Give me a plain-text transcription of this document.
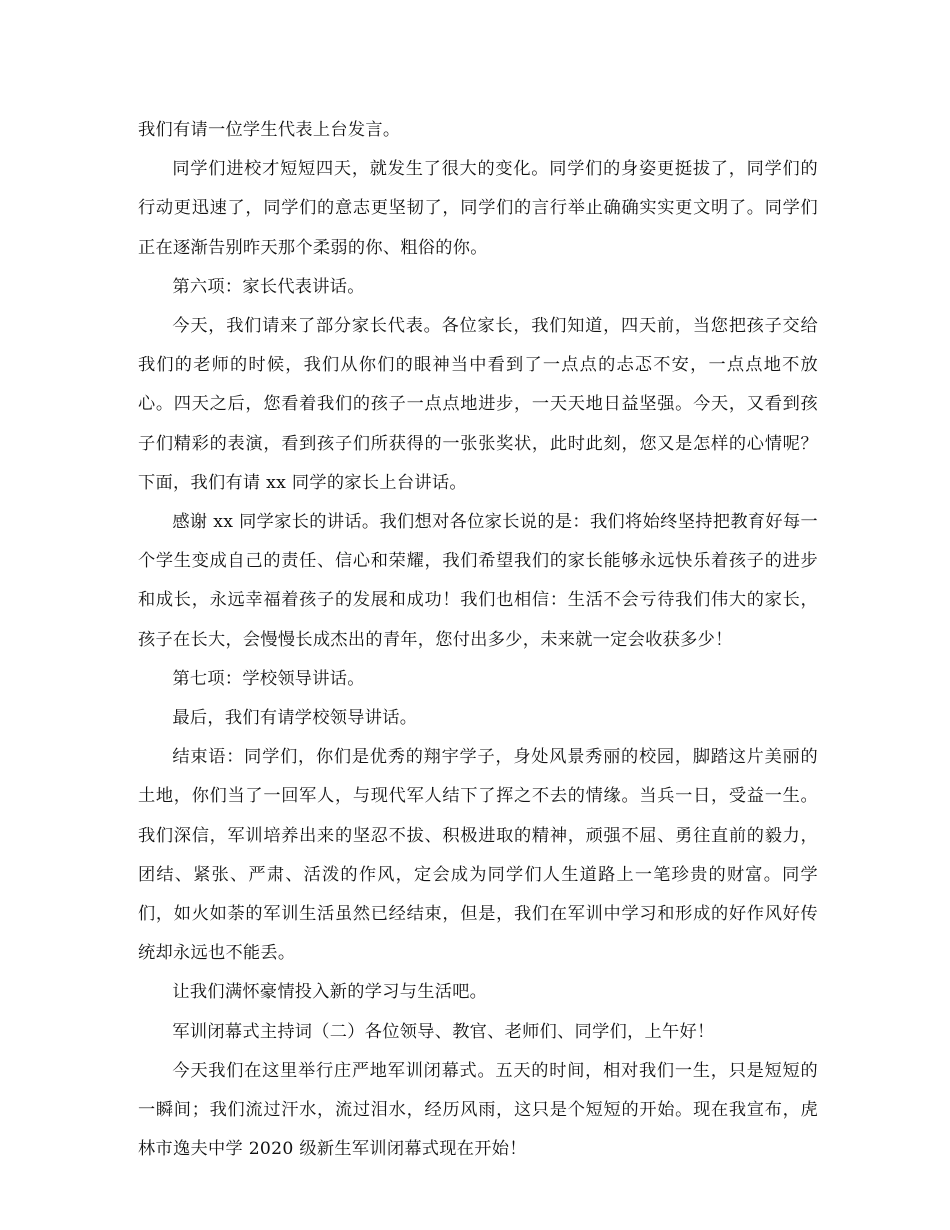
我们有请一位学生代表上台发言。

同学们进校才短短四天，就发生了很大的变化。同学们的身姿更挺拔了，同学们的行动更迅速了，同学们的意志更坚韧了，同学们的言行举止确确实实更文明了。同学们正在逐渐告别昨天那个柔弱的你、粗俗的你。

第六项：家长代表讲话。

今天，我们请来了部分家长代表。各位家长，我们知道，四天前，当您把孩子交给我们的老师的时候，我们从你们的眼神当中看到了一点点的忐忑不安，一点点地不放心。四天之后，您看着我们的孩子一点点地进步，一天天地日益坚强。今天，又看到孩子们精彩的表演，看到孩子们所获得的一张张奖状，此时此刻，您又是怎样的心情呢？下面，我们有请 xx 同学的家长上台讲话。

感谢 xx 同学家长的讲话。我们想对各位家长说的是：我们将始终坚持把教育好每一个学生变成自己的责任、信心和荣耀，我们希望我们的家长能够永远快乐着孩子的进步和成长，永远幸福着孩子的发展和成功！我们也相信：生活不会亏待我们伟大的家长，孩子在长大，会慢慢长成杰出的青年，您付出多少，未来就一定会收获多少！

第七项：学校领导讲话。

最后，我们有请学校领导讲话。

结束语：同学们，你们是优秀的翔宇学子，身处风景秀丽的校园，脚踏这片美丽的土地，你们当了一回军人，与现代军人结下了挥之不去的情缘。当兵一日，受益一生。我们深信，军训培养出来的坚忍不拔、积极进取的精神，顽强不屈、勇往直前的毅力，团结、紧张、严肃、活泼的作风，定会成为同学们人生道路上一笔珍贵的财富。同学们，如火如荼的军训生活虽然已经结束，但是，我们在军训中学习和形成的好作风好传统却永远也不能丢。

让我们满怀豪情投入新的学习与生活吧。

军训闭幕式主持词（二）各位领导、教官、老师们、同学们，上午好！

今天我们在这里举行庄严地军训闭幕式。五天的时间，相对我们一生，只是短短的一瞬间；我们流过汗水，流过泪水，经历风雨，这只是个短短的开始。现在我宣布，虎林市逸夫中学 2020 级新生军训闭幕式现在开始！
